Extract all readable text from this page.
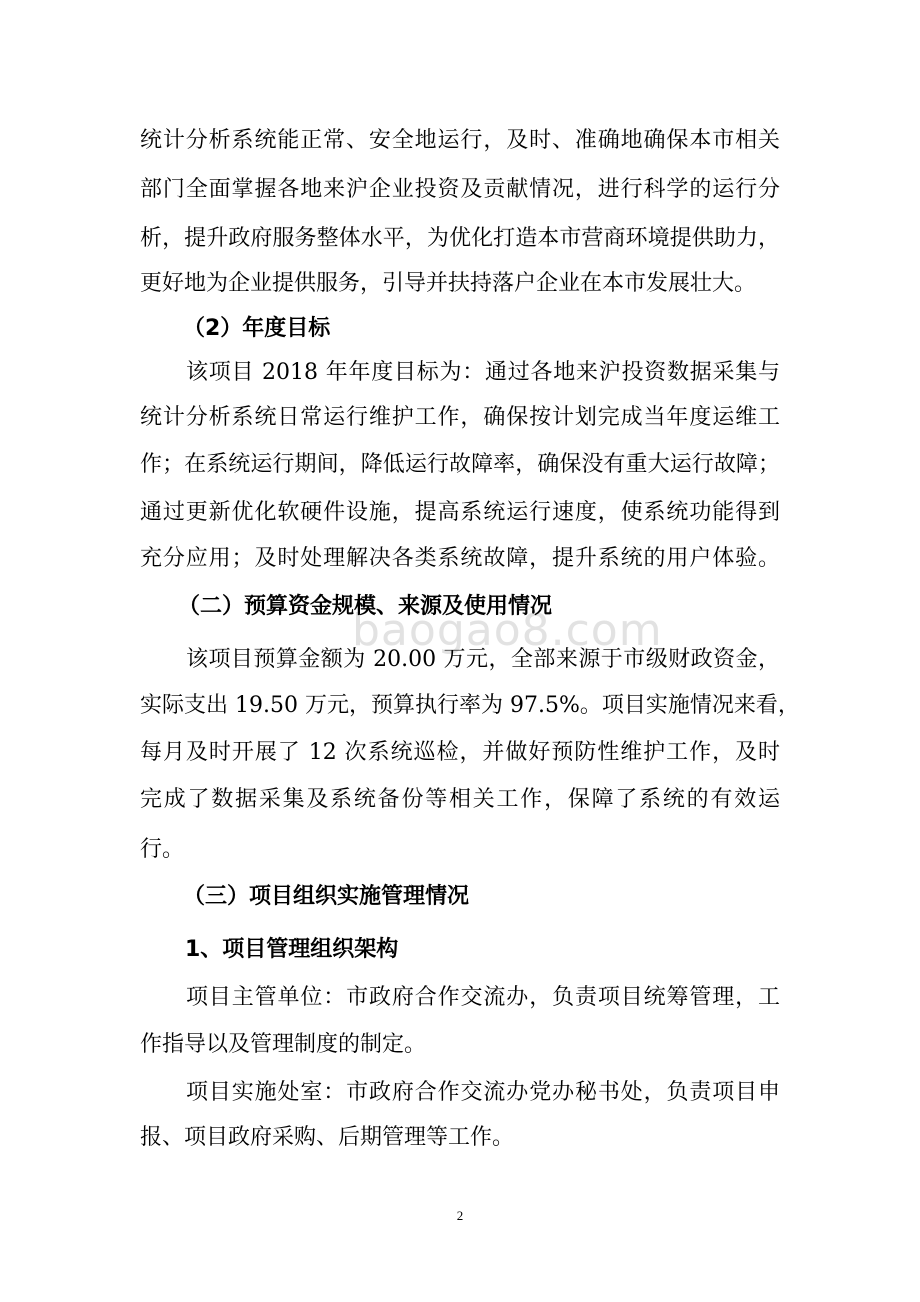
baogao8.com
统计分析系统能正常、安全地运行，及时、准确地确保本市相关
部门全面掌握各地来沪企业投资及贡献情况，进行科学的运行分
析，提升政府服务整体水平，为优化打造本市营商环境提供助力，
更好地为企业提供服务，引导并扶持落户企业在本市发展壮大。
（2）年度目标
该项目 2018 年年度目标为：通过各地来沪投资数据采集与
统计分析系统日常运行维护工作，确保按计划完成当年度运维工
作；在系统运行期间，降低运行故障率，确保没有重大运行故障；
通过更新优化软硬件设施，提高系统运行速度，使系统功能得到
充分应用；及时处理解决各类系统故障，提升系统的用户体验。
（二）预算资金规模、来源及使用情况
该项目预算金额为 20.00 万元，全部来源于市级财政资金，
实际支出 19.50 万元，预算执行率为 97.5%。项目实施情况来看，
每月及时开展了 12 次系统巡检，并做好预防性维护工作，及时
完成了数据采集及系统备份等相关工作，保障了系统的有效运
行。
（三）项目组织实施管理情况
1、项目管理组织架构
项目主管单位：市政府合作交流办，负责项目统筹管理，工
作指导以及管理制度的制定。
项目实施处室：市政府合作交流办党办秘书处，负责项目申
报、项目政府采购、后期管理等工作。
2
